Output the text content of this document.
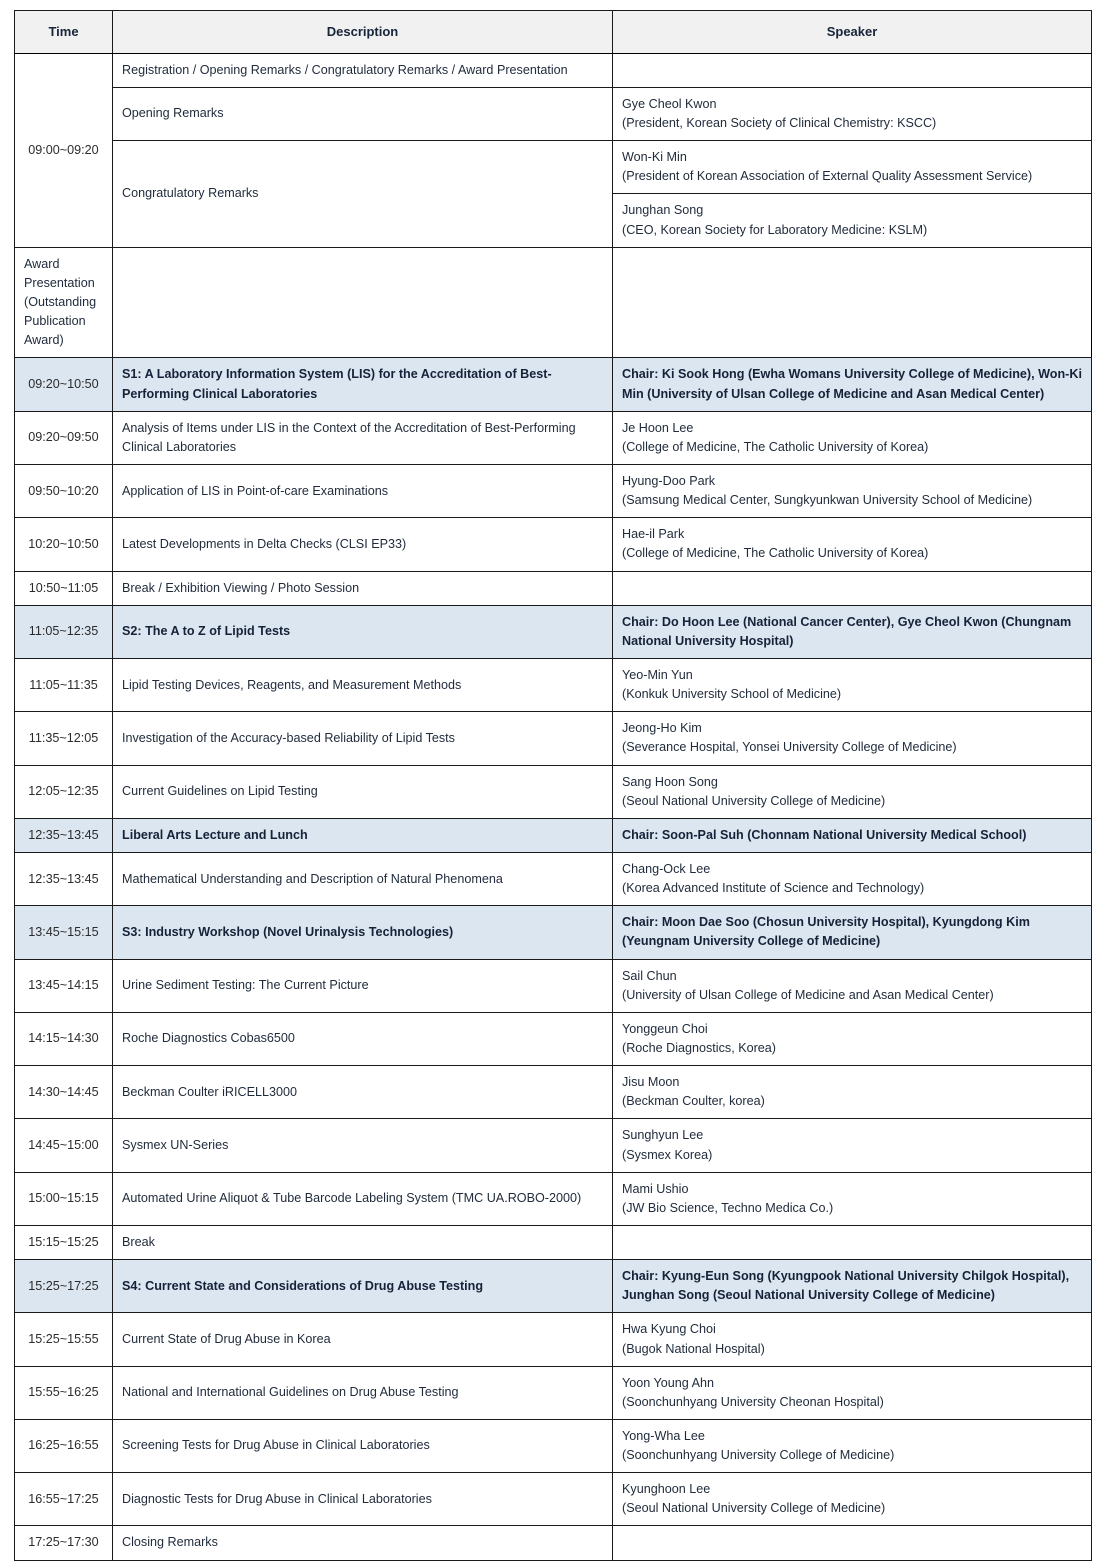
Time	Description	Speaker
09:00~09:20	Registration / Opening Remarks / Congratulatory Remarks / Award Presentation	
	Opening Remarks	Gye Cheol Kwon
(President, Korean Society of Clinical Chemistry: KSCC)

	Congratulatory Remarks	Won-Ki Min
(President of Korean Association of External Quality Assessment Service)

		Junghan Song
(CEO, Korean Society for Laboratory Medicine: KSLM)

Award Presentation (Outstanding Publication Award)		
09:20~10:50	S1: A Laboratory Information System (LIS) for the Accreditation of Best-Performing Clinical Laboratories	Chair: Ki Sook Hong (Ewha Womans University College of Medicine), Won-Ki Min (University of Ulsan College of Medicine and Asan Medical Center)

09:20~09:50	Analysis of Items under LIS in the Context of the Accreditation of Best-Performing Clinical Laboratories	Je Hoon Lee
(College of Medicine, The Catholic University of Korea)

09:50~10:20	Application of LIS in Point-of-care Examinations	Hyung-Doo Park
(Samsung Medical Center, Sungkyunkwan University School of Medicine)

10:20~10:50	Latest Developments in Delta Checks (CLSI EP33)	Hae-il Park
(College of Medicine, The Catholic University of Korea)

10:50~11:05	Break / Exhibition Viewing / Photo Session	
11:05~12:35	S2: The A to Z of Lipid Tests	Chair: Do Hoon Lee (National Cancer Center), Gye Cheol Kwon (Chungnam National University Hospital)

11:05~11:35	Lipid Testing Devices, Reagents, and Measurement Methods	Yeo-Min Yun
(Konkuk University School of Medicine)

11:35~12:05	Investigation of the Accuracy-based Reliability of Lipid Tests	Jeong-Ho Kim
(Severance Hospital, Yonsei University College of Medicine)

12:05~12:35	Current Guidelines on Lipid Testing	Sang Hoon Song
(Seoul National University College of Medicine)

12:35~13:45	Liberal Arts Lecture and Lunch	Chair: Soon-Pal Suh (Chonnam National University Medical School)

12:35~13:45	Mathematical Understanding and Description of Natural Phenomena	Chang-Ock Lee
(Korea Advanced Institute of Science and Technology)

13:45~15:15	S3: Industry Workshop (Novel Urinalysis Technologies)	Chair: Moon Dae Soo (Chosun University Hospital), Kyungdong Kim (Yeungnam University College of Medicine)

13:45~14:15	Urine Sediment Testing: The Current Picture	Sail Chun
(University of Ulsan College of Medicine and Asan Medical Center)

14:15~14:30	Roche Diagnostics Cobas6500	Yonggeun Choi
(Roche Diagnostics, Korea)

14:30~14:45	Beckman Coulter iRICELL3000	Jisu Moon
(Beckman Coulter, korea)

14:45~15:00	Sysmex UN-Series	Sunghyun Lee
(Sysmex Korea)

15:00~15:15	Automated Urine Aliquot & Tube Barcode Labeling System (TMC UA.ROBO-2000)	Mami Ushio
(JW Bio Science, Techno Medica Co.)

15:15~15:25	Break	
15:25~17:25	S4: Current State and Considerations of Drug Abuse Testing	Chair: Kyung-Eun Song (Kyungpook National University Chilgok Hospital), Junghan Song (Seoul National University College of Medicine)

15:25~15:55	Current State of Drug Abuse in Korea	Hwa Kyung Choi
(Bugok National Hospital)

15:55~16:25	National and International Guidelines on Drug Abuse Testing	Yoon Young Ahn
(Soonchunhyang University Cheonan Hospital)

16:25~16:55	Screening Tests for Drug Abuse in Clinical Laboratories	Yong-Wha Lee
(Soonchunhyang University College of Medicine)

16:55~17:25	Diagnostic Tests for Drug Abuse in Clinical Laboratories	Kyunghoon Lee
(Seoul National University College of Medicine)

17:25~17:30	Closing Remarks	
